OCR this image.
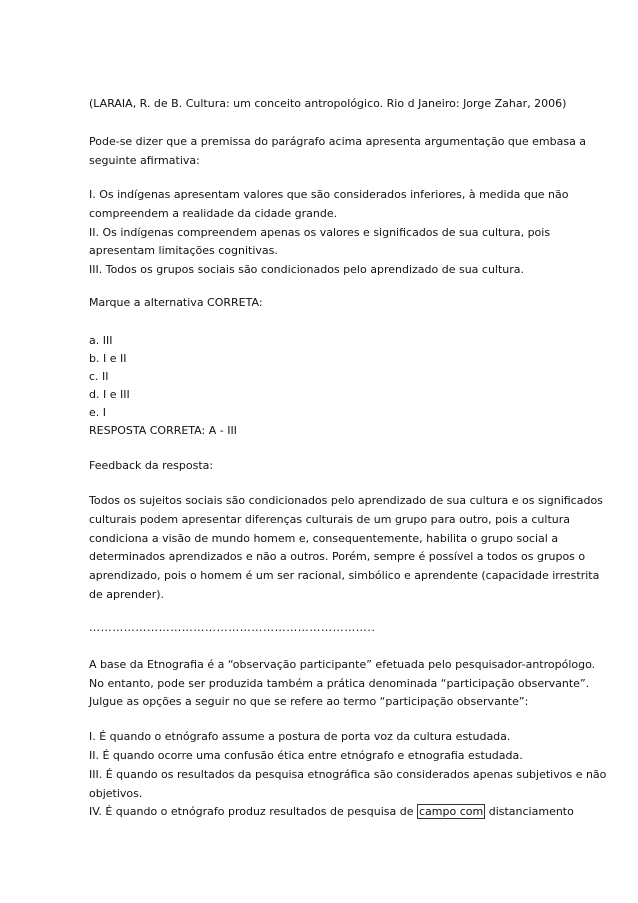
(LARAIA, R. de B. Cultura: um conceito antropológico. Rio d Janeiro: Jorge Zahar, 2006)
Pode-se dizer que a premissa do parágrafo acima apresenta argumentação que embasa a
seguinte afirmativa:
I. Os indígenas apresentam valores que são considerados inferiores, à medida que não
compreendem a realidade da cidade grande.
II. Os indígenas compreendem apenas os valores e significados de sua cultura, pois
apresentam limitações cognitivas.
III. Todos os grupos sociais são condicionados pelo aprendizado de sua cultura.
Marque a alternativa CORRETA:
a. III
b. I e II
c. II
d. I e III
e. I
RESPOSTA CORRETA: A - III
Feedback da resposta:
Todos os sujeitos sociais são condicionados pelo aprendizado de sua cultura e os significados
culturais podem apresentar diferenças culturais de um grupo para outro, pois a cultura
condiciona a visão de mundo homem e, consequentemente, habilita o grupo social a
determinados aprendizados e não a outros. Porém, sempre é possível a todos os grupos o
aprendizado, pois o homem é um ser racional, simbólico e aprendente (capacidade irrestrita
de aprender).
………………………………………………………………..
A base da Etnografia é a “observação participante” efetuada pelo pesquisador-antropólogo.
No entanto, pode ser produzida também a prática denominada “participação observante”.
Julgue as opções a seguir no que se refere ao termo “participação observante”:
I. É quando o etnógrafo assume a postura de porta voz da cultura estudada.
II. É quando ocorre uma confusão ética entre etnógrafo e etnografia estudada.
III. É quando os resultados da pesquisa etnográfica são considerados apenas subjetivos e não
objetivos.
IV. É quando o etnógrafo produz resultados de pesquisa de campo com distanciamento
